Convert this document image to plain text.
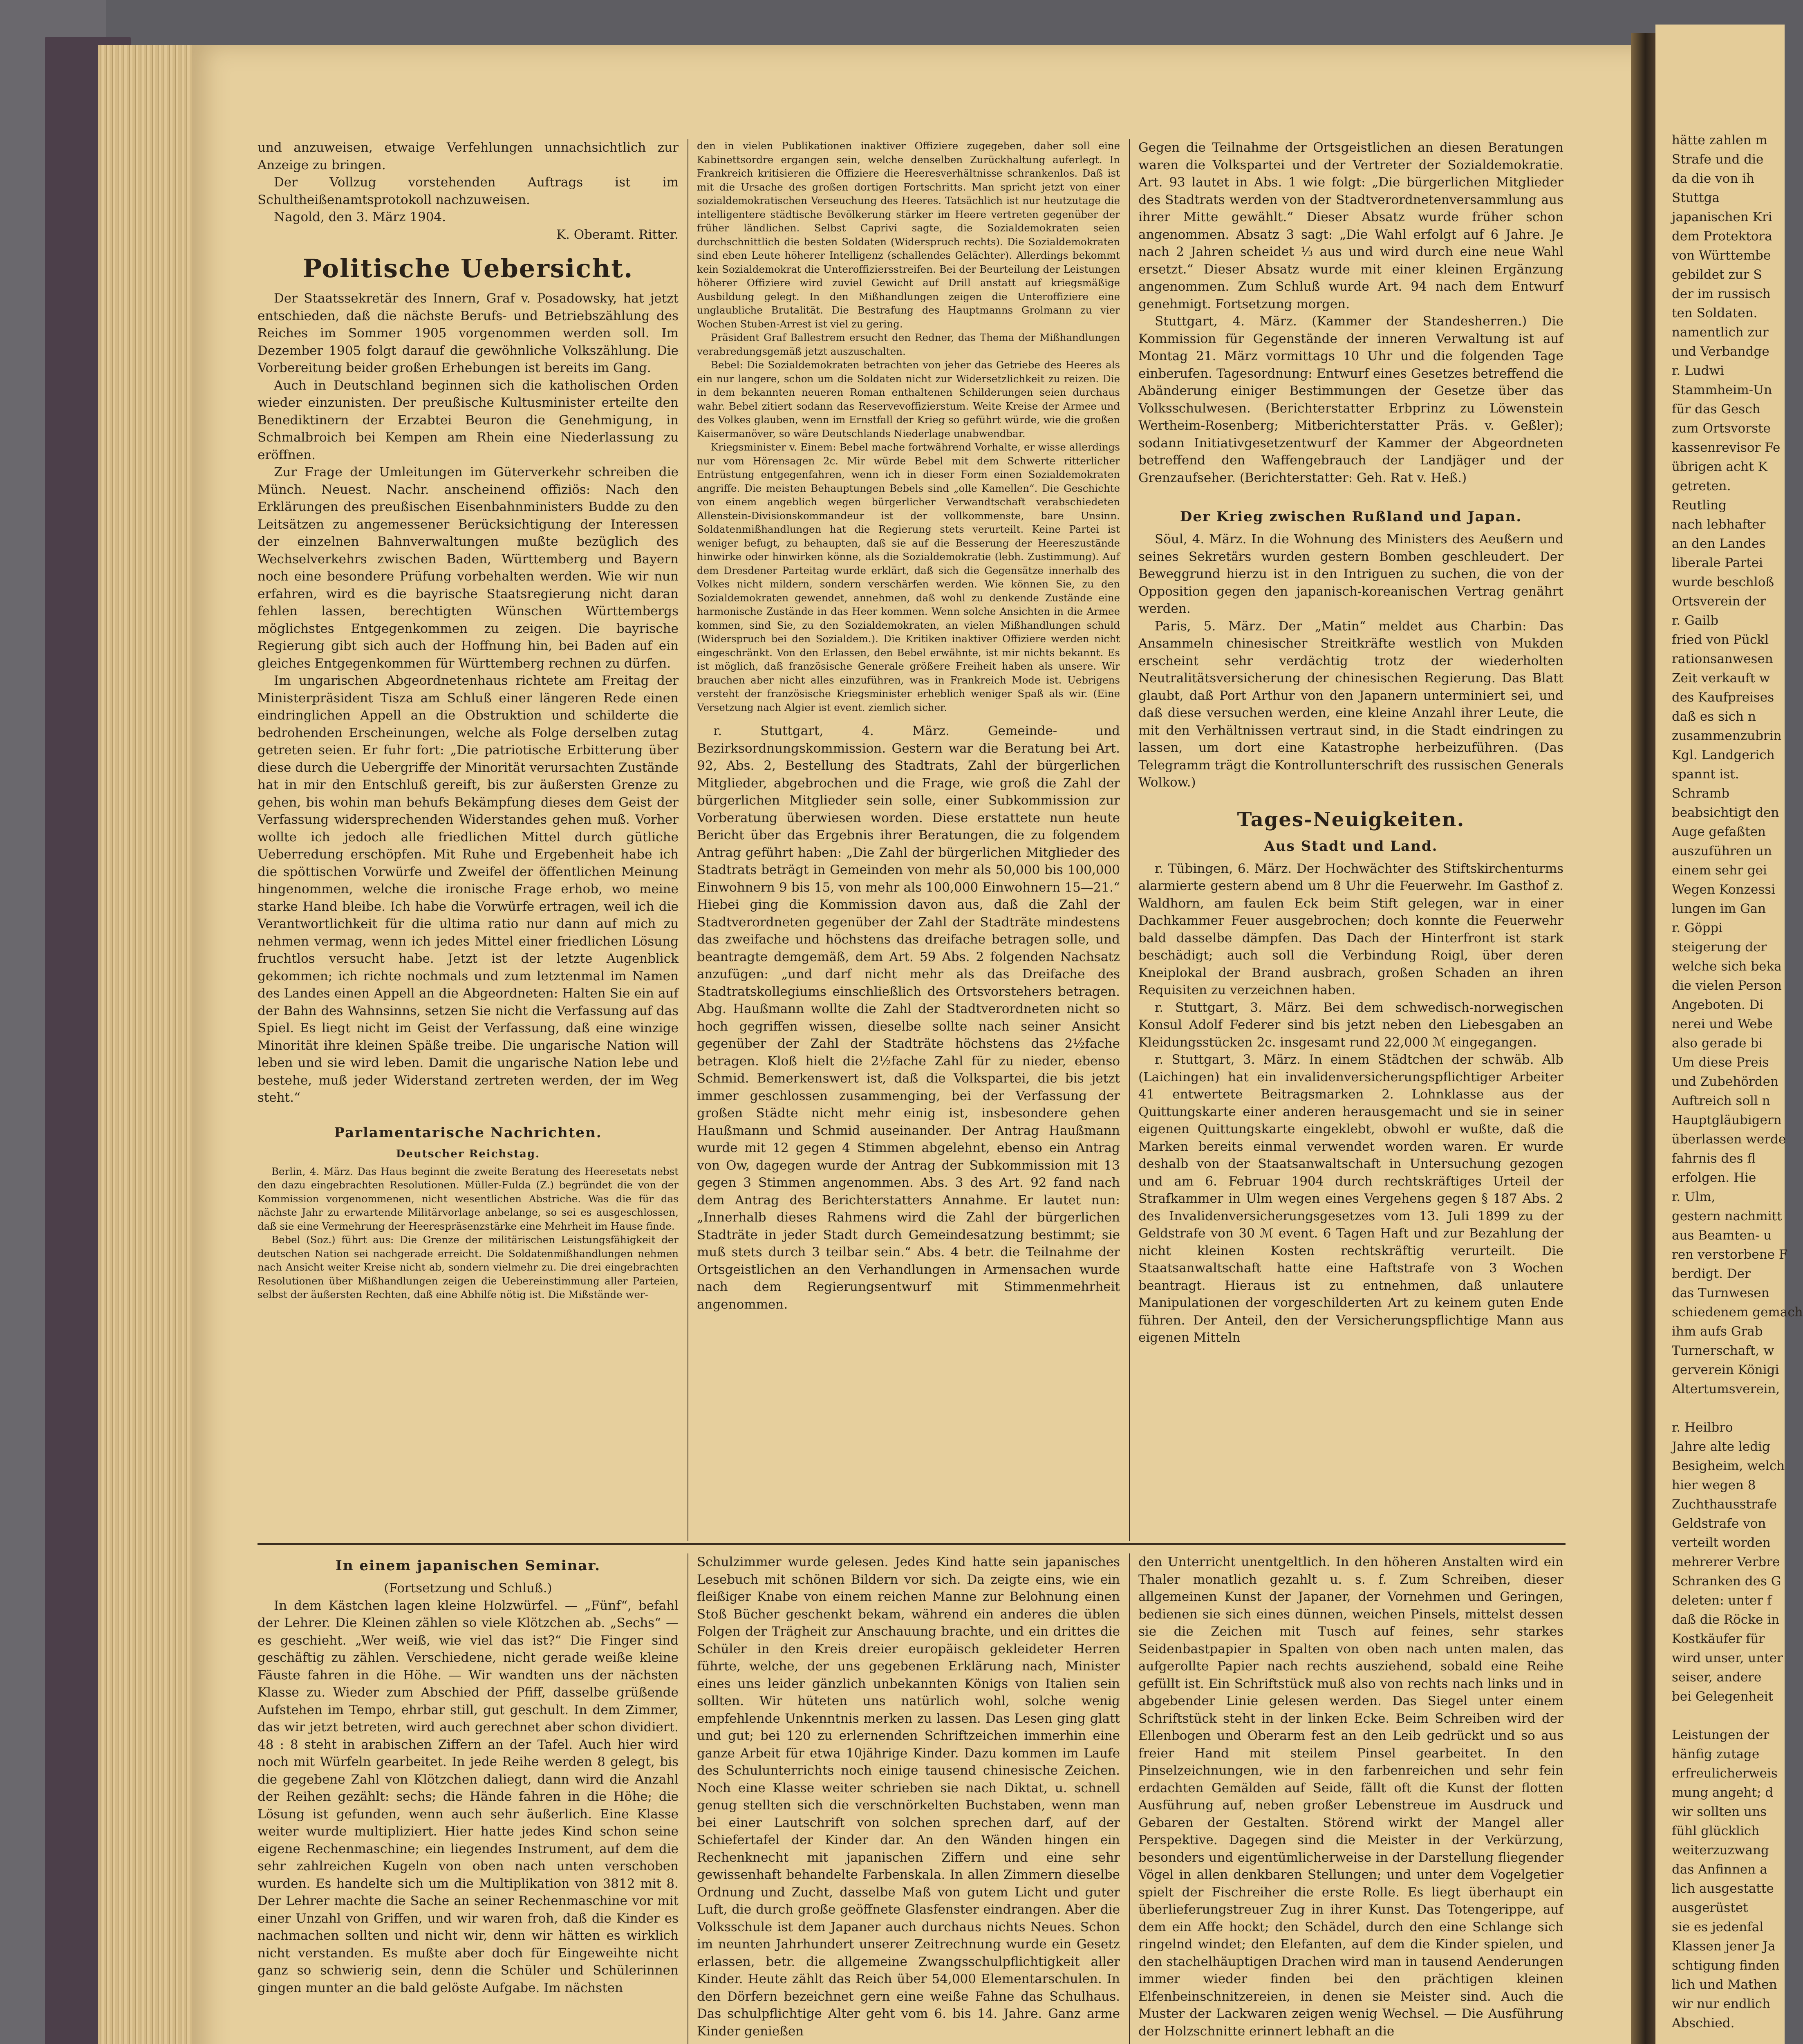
und anzuweisen, etwaige Verfehlungen unnachsichtlich zur Anzeige zu bringen.

Der Vollzug vorstehenden Auftrags ist im Schultheißenamtsprotokoll nachzuweisen.

Nagold, den 3. März 1904.

K. Oberamt. Ritter.

Politische Uebersicht.

Der Staatssekretär des Innern, Graf v. Posadowsky, hat jetzt entschieden, daß die nächste Berufs- und Betriebszählung des Reiches im Sommer 1905 vorgenommen werden soll. Im Dezember 1905 folgt darauf die gewöhnliche Volkszählung. Die Vorbereitung beider großen Erhebungen ist bereits im Gang.

Auch in Deutschland beginnen sich die katholischen Orden wieder einzunisten. Der preußische Kultusminister erteilte den Benediktinern der Erzabtei Beuron die Genehmigung, in Schmalbroich bei Kempen am Rhein eine Niederlassung zu eröffnen.

Zur Frage der Umleitungen im Güterverkehr schreiben die Münch. Neuest. Nachr. anscheinend offiziös: Nach den Erklärungen des preußischen Eisenbahnministers Budde zu den Leitsätzen zu angemessener Berücksichtigung der Interessen der einzelnen Bahnverwaltungen mußte bezüglich des Wechselverkehrs zwischen Baden, Württemberg und Bayern noch eine besondere Prüfung vorbehalten werden. Wie wir nun erfahren, wird es die bayrische Staatsregierung nicht daran fehlen lassen, berechtigten Wünschen Württembergs möglichstes Entgegenkommen zu zeigen. Die bayrische Regierung gibt sich auch der Hoffnung hin, bei Baden auf ein gleiches Entgegenkommen für Württemberg rechnen zu dürfen.

Im ungarischen Abgeordnetenhaus richtete am Freitag der Ministerpräsident Tisza am Schluß einer längeren Rede einen eindringlichen Appell an die Obstruktion und schilderte die bedrohenden Erscheinungen, welche als Folge derselben zutag getreten seien. Er fuhr fort: „Die patriotische Erbitterung über diese durch die Uebergriffe der Minorität verursachten Zustände hat in mir den Entschluß gereift, bis zur äußersten Grenze zu gehen, bis wohin man behufs Bekämpfung dieses dem Geist der Verfassung widersprechenden Widerstandes gehen muß. Vorher wollte ich jedoch alle friedlichen Mittel durch gütliche Ueberredung erschöpfen. Mit Ruhe und Ergebenheit habe ich die spöttischen Vorwürfe und Zweifel der öffentlichen Meinung hingenommen, welche die ironische Frage erhob, wo meine starke Hand bleibe. Ich habe die Vorwürfe ertragen, weil ich die Verantwortlichkeit für die ultima ratio nur dann auf mich zu nehmen vermag, wenn ich jedes Mittel einer friedlichen Lösung fruchtlos versucht habe. Jetzt ist der letzte Augenblick gekommen; ich richte nochmals und zum letztenmal im Namen des Landes einen Appell an die Abgeordneten: Halten Sie ein auf der Bahn des Wahnsinns, setzen Sie nicht die Verfassung auf das Spiel. Es liegt nicht im Geist der Verfassung, daß eine winzige Minorität ihre kleinen Späße treibe. Die ungarische Nation will leben und sie wird leben. Damit die ungarische Nation lebe und bestehe, muß jeder Widerstand zertreten werden, der im Weg steht.“

Parlamentarische Nachrichten.
Deutscher Reichstag.

Berlin, 4. März. Das Haus beginnt die zweite Beratung des Heeresetats nebst den dazu eingebrachten Resolutionen. Müller-Fulda (Z.) begründet die von der Kommission vorgenommenen, nicht wesentlichen Abstriche. Was die für das nächste Jahr zu erwartende Militärvorlage anbelange, so sei es ausgeschlossen, daß sie eine Vermehrung der Heerespräsenzstärke eine Mehrheit im Hause finde.

Bebel (Soz.) führt aus: Die Grenze der militärischen Leistungsfähigkeit der deutschen Nation sei nachgerade erreicht. Die Soldatenmißhandlungen nehmen nach Ansicht weiter Kreise nicht ab, sondern vielmehr zu. Die drei eingebrachten Resolutionen über Mißhandlungen zeigen die Uebereinstimmung aller Parteien, selbst der äußersten Rechten, daß eine Abhilfe nötig ist. Die Mißstände wer-

den in vielen Publikationen inaktiver Offiziere zugegeben, daher soll eine Kabinettsordre ergangen sein, welche denselben Zurückhaltung auferlegt. In Frankreich kritisieren die Offiziere die Heeresverhältnisse schrankenlos. Daß ist mit die Ursache des großen dortigen Fortschritts. Man spricht jetzt von einer sozialdemokratischen Verseuchung des Heeres. Tatsächlich ist nur heutzutage die intelligentere städtische Bevölkerung stärker im Heere vertreten gegenüber der früher ländlichen. Selbst Caprivi sagte, die Sozialdemokraten seien durchschnittlich die besten Soldaten (Widerspruch rechts). Die Sozialdemokraten sind eben Leute höherer Intelligenz (schallendes Gelächter). Allerdings bekommt kein Sozialdemokrat die Unteroffiziersstreifen. Bei der Beurteilung der Leistungen höherer Offiziere wird zuviel Gewicht auf Drill anstatt auf kriegsmäßige Ausbildung gelegt. In den Mißhandlungen zeigen die Unteroffiziere eine unglaubliche Brutalität. Die Bestrafung des Hauptmanns Grolmann zu vier Wochen Stuben-Arrest ist viel zu gering.

Präsident Graf Ballestrem ersucht den Redner, das Thema der Mißhandlungen verabredungsgemäß jetzt auszuschalten.

Bebel: Die Sozialdemokraten betrachten von jeher das Getriebe des Heeres als ein nur langere, schon um die Soldaten nicht zur Widersetzlichkeit zu reizen. Die in dem bekannten neueren Roman enthaltenen Schilderungen seien durchaus wahr. Bebel zitiert sodann das Reservevoffizierstum. Weite Kreise der Armee und des Volkes glauben, wenn im Ernstfall der Krieg so geführt würde, wie die großen Kaisermanöver, so wäre Deutschlands Niederlage unabwendbar.

Kriegsminister v. Einem: Bebel mache fortwährend Vorhalte, er wisse allerdings nur vom Hörensagen 2c. Mir würde Bebel mit dem Schwerte ritterlicher Entrüstung entgegenfahren, wenn ich in dieser Form einen Sozialdemokraten angriffe. Die meisten Behauptungen Bebels sind „olle Kamellen“. Die Geschichte von einem angeblich wegen bürgerlicher Verwandtschaft verabschiedeten Allenstein-Divisionskommandeur ist der vollkommenste, bare Unsinn. Soldatenmißhandlungen hat die Regierung stets verurteilt. Keine Partei ist weniger befugt, zu behaupten, daß sie auf die Besserung der Heereszustände hinwirke oder hinwirken könne, als die Sozialdemokratie (lebh. Zustimmung). Auf dem Dresdener Parteitag wurde erklärt, daß sich die Gegensätze innerhalb des Volkes nicht mildern, sondern verschärfen werden. Wie können Sie, zu den Sozialdemokraten gewendet, annehmen, daß wohl zu denkende Zustände eine harmonische Zustände in das Heer kommen. Wenn solche Ansichten in die Armee kommen, sind Sie, zu den Sozialdemokraten, an vielen Mißhandlungen schuld (Widerspruch bei den Sozialdem.). Die Kritiken inaktiver Offiziere werden nicht eingeschränkt. Von den Erlassen, den Bebel erwähnte, ist mir nichts bekannt. Es ist möglich, daß französische Generale größere Freiheit haben als unsere. Wir brauchen aber nicht alles einzuführen, was in Frankreich Mode ist. Uebrigens versteht der französische Kriegsminister erheblich weniger Spaß als wir. (Eine Versetzung nach Algier ist event. ziemlich sicher.

r. Stuttgart, 4. März. Gemeinde- und Bezirksordnungskommission. Gestern war die Beratung bei Art. 92, Abs. 2, Bestellung des Stadtrats, Zahl der bürgerlichen Mitglieder, abgebrochen und die Frage, wie groß die Zahl der bürgerlichen Mitglieder sein solle, einer Subkommission zur Vorberatung überwiesen worden. Diese erstattete nun heute Bericht über das Ergebnis ihrer Beratungen, die zu folgendem Antrag geführt haben: „Die Zahl der bürgerlichen Mitglieder des Stadtrats beträgt in Gemeinden von mehr als 50,000 bis 100,000 Einwohnern 9 bis 15, von mehr als 100,000 Einwohnern 15—21.“ Hiebei ging die Kommission davon aus, daß die Zahl der Stadtverordneten gegenüber der Zahl der Stadträte mindestens das zweifache und höchstens das dreifache betragen solle, und beantragte demgemäß, dem Art. 59 Abs. 2 folgenden Nachsatz anzufügen: „und darf nicht mehr als das Dreifache des Stadtratskollegiums einschließlich des Ortsvorstehers betragen. Abg. Haußmann wollte die Zahl der Stadtverordneten nicht so hoch gegriffen wissen, dieselbe sollte nach seiner Ansicht gegenüber der Zahl der Stadträte höchstens das 2½fache betragen. Kloß hielt die 2½fache Zahl für zu nieder, ebenso Schmid. Bemerkenswert ist, daß die Volkspartei, die bis jetzt immer geschlossen zusammenging, bei der Verfassung der großen Städte nicht mehr einig ist, insbesondere gehen Haußmann und Schmid auseinander. Der Antrag Haußmann wurde mit 12 gegen 4 Stimmen abgelehnt, ebenso ein Antrag von Ow, dagegen wurde der Antrag der Subkommission mit 13 gegen 3 Stimmen angenommen. Abs. 3 des Art. 92 fand nach dem Antrag des Berichterstatters Annahme. Er lautet nun: „Innerhalb dieses Rahmens wird die Zahl der bürgerlichen Stadträte in jeder Stadt durch Gemeindesatzung bestimmt; sie muß stets durch 3 teilbar sein.“ Abs. 4 betr. die Teilnahme der Ortsgeistlichen an den Verhandlungen in Armensachen wurde nach dem Regierungsentwurf mit Stimmenmehrheit angenommen.

Gegen die Teilnahme der Ortsgeistlichen an diesen Beratungen waren die Volkspartei und der Vertreter der Sozialdemokratie. Art. 93 lautet in Abs. 1 wie folgt: „Die bürgerlichen Mitglieder des Stadtrats werden von der Stadtverordnetenversammlung aus ihrer Mitte gewählt.“ Dieser Absatz wurde früher schon angenommen. Absatz 3 sagt: „Die Wahl erfolgt auf 6 Jahre. Je nach 2 Jahren scheidet ⅓ aus und wird durch eine neue Wahl ersetzt.“ Dieser Absatz wurde mit einer kleinen Ergänzung angenommen. Zum Schluß wurde Art. 94 nach dem Entwurf genehmigt. Fortsetzung morgen.

Stuttgart, 4. März. (Kammer der Standesherren.) Die Kommission für Gegenstände der inneren Verwaltung ist auf Montag 21. März vormittags 10 Uhr und die folgenden Tage einberufen. Tagesordnung: Entwurf eines Gesetzes betreffend die Abänderung einiger Bestimmungen der Gesetze über das Volksschulwesen. (Berichterstatter Erbprinz zu Löwenstein Wertheim-Rosenberg; Mitberichterstatter Präs. v. Geßler); sodann Initiativgesetzentwurf der Kammer der Abgeordneten betreffend den Waffengebrauch der Landjäger und der Grenzaufseher. (Berichterstatter: Geh. Rat v. Heß.)

Der Krieg zwischen Rußland und Japan.

Söul, 4. März. In die Wohnung des Ministers des Aeußern und seines Sekretärs wurden gestern Bomben geschleudert. Der Beweggrund hierzu ist in den Intriguen zu suchen, die von der Opposition gegen den japanisch-koreanischen Vertrag genährt werden.

Paris, 5. März. Der „Matin“ meldet aus Charbin: Das Ansammeln chinesischer Streitkräfte westlich von Mukden erscheint sehr verdächtig trotz der wiederholten Neutralitätsversicherung der chinesischen Regierung. Das Blatt glaubt, daß Port Arthur von den Japanern unterminiert sei, und daß diese versuchen werden, eine kleine Anzahl ihrer Leute, die mit den Verhältnissen vertraut sind, in die Stadt eindringen zu lassen, um dort eine Katastrophe herbeizuführen. (Das Telegramm trägt die Kontrollunterschrift des russischen Generals Wolkow.)

Tages-Neuigkeiten.
Aus Stadt und Land.

r. Tübingen, 6. März. Der Hochwächter des Stiftskirchenturms alarmierte gestern abend um 8 Uhr die Feuerwehr. Im Gasthof z. Waldhorn, am faulen Eck beim Stift gelegen, war in einer Dachkammer Feuer ausgebrochen; doch konnte die Feuerwehr bald dasselbe dämpfen. Das Dach der Hinterfront ist stark beschädigt; auch soll die Verbindung Roigl, über deren Kneiplokal der Brand ausbrach, großen Schaden an ihren Requisiten zu verzeichnen haben.

r. Stuttgart, 3. März. Bei dem schwedisch-norwegischen Konsul Adolf Federer sind bis jetzt neben den Liebesgaben an Kleidungsstücken 2c. insgesamt rund 22,000 ℳ eingegangen.

r. Stuttgart, 3. März. In einem Städtchen der schwäb. Alb (Laichingen) hat ein invalidenversicherungspflichtiger Arbeiter 41 entwertete Beitragsmarken 2. Lohnklasse aus der Quittungskarte einer anderen herausgemacht und sie in seiner eigenen Quittungskarte eingeklebt, obwohl er wußte, daß die Marken bereits einmal verwendet worden waren. Er wurde deshalb von der Staatsanwaltschaft in Untersuchung gezogen und am 6. Februar 1904 durch rechtskräftiges Urteil der Strafkammer in Ulm wegen eines Vergehens gegen § 187 Abs. 2 des Invalidenversicherungsgesetzes vom 13. Juli 1899 zu der Geldstrafe von 30 ℳ event. 6 Tagen Haft und zur Bezahlung der nicht kleinen Kosten rechtskräftig verurteilt. Die Staatsanwaltschaft hatte eine Haftstrafe von 3 Wochen beantragt. Hieraus ist zu entnehmen, daß unlautere Manipulationen der vorgeschilderten Art zu keinem guten Ende führen. Der Anteil, den der Versicherungspflichtige Mann aus eigenen Mitteln

In einem japanischen Seminar.
(Fortsetzung und Schluß.)

In dem Kästchen lagen kleine Holzwürfel. — „Fünf“, befahl der Lehrer. Die Kleinen zählen so viele Klötzchen ab. „Sechs“ — es geschieht. „Wer weiß, wie viel das ist?“ Die Finger sind geschäftig zu zählen. Verschiedene, nicht gerade weiße kleine Fäuste fahren in die Höhe. — Wir wandten uns der nächsten Klasse zu. Wieder zum Abschied der Pfiff, dasselbe grüßende Aufstehen im Tempo, ehrbar still, gut geschult. In dem Zimmer, das wir jetzt betreten, wird auch gerechnet aber schon dividiert. 48 : 8 steht in arabischen Ziffern an der Tafel. Auch hier wird noch mit Würfeln gearbeitet. In jede Reihe werden 8 gelegt, bis die gegebene Zahl von Klötzchen daliegt, dann wird die Anzahl der Reihen gezählt: sechs; die Hände fahren in die Höhe; die Lösung ist gefunden, wenn auch sehr äußerlich. Eine Klasse weiter wurde multipliziert. Hier hatte jedes Kind schon seine eigene Rechenmaschine; ein liegendes Instrument, auf dem die sehr zahlreichen Kugeln von oben nach unten verschoben wurden. Es handelte sich um die Multiplikation von 3812 mit 8. Der Lehrer machte die Sache an seiner Rechenmaschine vor mit einer Unzahl von Griffen, und wir waren froh, daß die Kinder es nachmachen sollten und nicht wir, denn wir hätten es wirklich nicht verstanden. Es mußte aber doch für Eingeweihte nicht ganz so schwierig sein, denn die Schüler und Schülerinnen gingen munter an die bald gelöste Aufgabe. Im nächsten

Schulzimmer wurde gelesen. Jedes Kind hatte sein japanisches Lesebuch mit schönen Bildern vor sich. Da zeigte eins, wie ein fleißiger Knabe von einem reichen Manne zur Belohnung einen Stoß Bücher geschenkt bekam, während ein anderes die üblen Folgen der Trägheit zur Anschauung brachte, und ein drittes die Schüler in den Kreis dreier europäisch gekleideter Herren führte, welche, der uns gegebenen Erklärung nach, Minister eines uns leider gänzlich unbekannten Königs von Italien sein sollten. Wir hüteten uns natürlich wohl, solche wenig empfehlende Unkenntnis merken zu lassen. Das Lesen ging glatt und gut; bei 120 zu erlernenden Schriftzeichen immerhin eine ganze Arbeit für etwa 10jährige Kinder. Dazu kommen im Laufe des Schulunterrichts noch einige tausend chinesische Zeichen. Noch eine Klasse weiter schrieben sie nach Diktat, u. schnell genug stellten sich die verschnörkelten Buchstaben, wenn man bei einer Lautschrift von solchen sprechen darf, auf der Schiefertafel der Kinder dar. An den Wänden hingen ein Rechenknecht mit japanischen Ziffern und eine sehr gewissenhaft behandelte Farbenskala. In allen Zimmern dieselbe Ordnung und Zucht, dasselbe Maß von gutem Licht und guter Luft, die durch große geöffnete Glasfenster eindrangen. Aber die Volksschule ist dem Japaner auch durchaus nichts Neues. Schon im neunten Jahrhundert unserer Zeitrechnung wurde ein Gesetz erlassen, betr. die allgemeine Zwangsschulpflichtigkeit aller Kinder. Heute zählt das Reich über 54,000 Elementarschulen. In den Dörfern bezeichnet gern eine weiße Fahne das Schulhaus. Das schulpflichtige Alter geht vom 6. bis 14. Jahre. Ganz arme Kinder genießen

den Unterricht unentgeltlich. In den höheren Anstalten wird ein Thaler monatlich gezahlt u. s. f. Zum Schreiben, dieser allgemeinen Kunst der Japaner, der Vornehmen und Geringen, bedienen sie sich eines dünnen, weichen Pinsels, mittelst dessen sie die Zeichen mit Tusch auf feines, sehr starkes Seidenbastpapier in Spalten von oben nach unten malen, das aufgerollte Papier nach rechts ausziehend, sobald eine Reihe gefüllt ist. Ein Schriftstück muß also von rechts nach links und in abgebender Linie gelesen werden. Das Siegel unter einem Schriftstück steht in der linken Ecke. Beim Schreiben wird der Ellenbogen und Oberarm fest an den Leib gedrückt und so aus freier Hand mit steilem Pinsel gearbeitet. In den Pinselzeichnungen, wie in den farbenreichen und sehr fein erdachten Gemälden auf Seide, fällt oft die Kunst der flotten Ausführung auf, neben großer Lebenstreue im Ausdruck und Gebaren der Gestalten. Störend wirkt der Mangel aller Perspektive. Dagegen sind die Meister in der Verkürzung, besonders und eigentümlicherweise in der Darstellung fliegender Vögel in allen denkbaren Stellungen; und unter dem Vogelgetier spielt der Fischreiher die erste Rolle. Es liegt überhaupt ein überlieferungstreuer Zug in ihrer Kunst. Das Totengerippe, auf dem ein Affe hockt; den Schädel, durch den eine Schlange sich ringelnd windet; den Elefanten, auf dem die Kinder spielen, und den stachelhäuptigen Drachen wird man in tausend Aenderungen immer wieder finden bei den prächtigen kleinen Elfenbeinschnitzereien, in denen sie Meister sind. Auch die Muster der Lackwaren zeigen wenig Wechsel. — Die Ausführung der Holzschnitte erinnert lebhaft an die

hätte zahlen m
Strafe und die
da die von ih
Stuttga
japanischen Kri
dem Protektora
von Württembe
gebildet zur S
der im russisch
ten Soldaten.
namentlich zur
und Verbandge
r. Ludwi
Stammheim-Un
für das Gesch
zum Ortsvorste
kassenrevisor Fe
übrigen acht K
getreten.
Reutling
nach lebhafter
an den Landes
liberale Partei
wurde beschloß
Ortsverein der
r. Gailb
fried von Pückl
rationsanwesen
Zeit verkauft w
des Kaufpreises
daß es sich n
zusammenzubrin
Kgl. Landgerich
spannt ist.
Schramb
beabsichtigt den
Auge gefaßten
auszuführen un
einem sehr gei
Wegen Konzessi
lungen im Gan
r. Göppi
steigerung der
welche sich beka
die vielen Person
Angeboten. Di
nerei und Webe
also gerade bi
Um diese Preis
und Zubehörden
Auftreich soll n
Hauptgläubigern
überlassen werde
fahrnis des fl
erfolgen. Hie
r. Ulm,
gestern nachmitt
aus Beamten- u
ren verstorbene F
berdigt. Der
das Turnwesen
schiedenem gemach
ihm aufs Grab
Turnerschaft, w
gerverein Königi
Altertumsverein,
r. Heilbro
Jahre alte ledig
Besigheim, welch
hier wegen 8
Zuchthausstrafe
Geldstrafe von
verteilt worden
mehrerer Verbre
Schranken des G
deleten: unter f
daß die Röcke in
Kostkäufer für
wird unser, unter
seiser, andere
bei Gelegenheit
Leistungen der
hänfig zutage
erfreulicherweis
mung angeht; d
wir sollten uns
fühl glücklich
weiterzuzwang
das Anfinnen a
lich ausgestatte
ausgerüstet
sie es jedenfal
Klassen jener Ja
schtigung finden
lich und Mathen
wir nur endlich
Abschied.
